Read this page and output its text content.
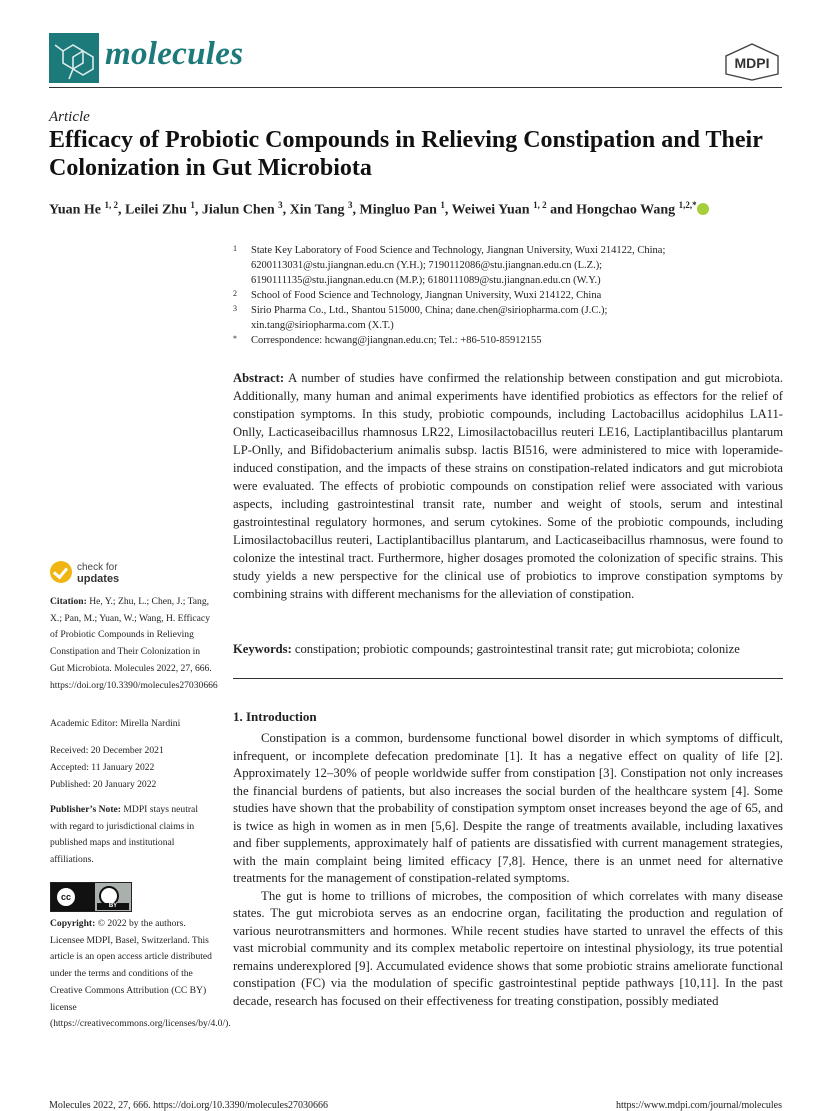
molecules	MDPI
Article
Efficacy of Probiotic Compounds in Relieving Constipation and Their Colonization in Gut Microbiota
Yuan He $^{1, 2}$, Leilei Zhu $^1$, Jialun Chen $^3$, Xin Tang $^3$, Mingluo Pan $^1$, Weiwei Yuan $^{1, 2}$ and Hongchao Wang $^{1,2,*}$
1 State Key Laboratory of Food Science and Technology, Jiangnan University, Wuxi 214122, China;
6200113031@stu.jiangnan.edu.cn (Y.H.); 7190112086@stu.jiangnan.edu.cn (L.Z.);
6190111135@stu.jiangnan.edu.cn (M.P.); 6180111089@stu.jiangnan.edu.cn (W.Y.)
2 School of Food Science and Technology, Jiangnan University, Wuxi 214122, China
3 Sirio Pharma Co., Ltd., Shantou 515000, China; dane.chen@siriopharma.com (J.C.);
xin.tang@siriopharma.com (X.T.)
* Correspondence: hcwang@jiangnan.edu.cn; Tel.: +86-510-85912155
Abstract: A number of studies have confirmed the relationship between constipation and gut microbiota. Additionally, many human and animal experiments have identified probiotics as effectors for the relief of constipation symptoms. In this study, probiotic compounds, including Lactobacillus acidophilus LA11-Onlly, Lacticaseibacillus rhamnosus LR22, Limosilactobacillus reuteri LE16, Lactiplantibacillus plantarum LP-Onlly, and Bifidobacterium animalis subsp. lactis BI516, were administered to mice with loperamide-induced constipation, and the impacts of these strains on constipation-related indicators and gut microbiota were evaluated. The effects of probiotic compounds on constipation relief were associated with various aspects, including gastrointestinal transit rate, number and weight of stools, serum and intestinal gastrointestinal regulatory hormones, and serum cytokines. Some of the probiotic compounds, including Limosilactobacillus reuteri, Lactiplantibacillus plantarum, and Lacticaseibacillus rhamnosus, were found to colonize the intestinal tract. Furthermore, higher dosages promoted the colonization of specific strains. This study yields a new perspective for the clinical use of probiotics to improve constipation symptoms by combining strains with different mechanisms for the alleviation of constipation.
Keywords: constipation; probiotic compounds; gastrointestinal transit rate; gut microbiota; colonize
1. Introduction

Constipation is a common, burdensome functional bowel disorder in which symptoms of difficult, infrequent, or incomplete defecation predominate [1]. It has a negative effect on quality of life [2]. Approximately 12–30% of people worldwide suffer from constipation [3]. Constipation not only increases the financial burdens of patients, but also increases the social burden of the healthcare system [4]. Some studies have shown that the probability of constipation symptom onset increases beyond the age of 65, and is twice as high in women as in men [5,6]. Despite the range of treatments available, including laxatives and fiber supplements, approximately half of patients are dissatisfied with current management strategies, with the main complaint being limited efficacy [7,8]. Hence, there is an unmet need for alternative treatments for the management of constipation-related symptoms.

The gut is home to trillions of microbes, the composition of which correlates with many disease states. The gut microbiota serves as an endocrine organ, facilitating the production and regulation of various neurotransmitters and hormones. While recent studies have started to unravel the effects of this vast microbial community and its complex metabolic repertoire on intestinal physiology, its true potential remains underexplored [9]. Accumulated evidence shows that some probiotic strains ameliorate functional constipation (FC) via the modulation of specific gastrointestinal peptide pathways [10,11]. In the past decade, research has focused on their effectiveness for treating constipation, possibly mediated

check for
updates
Citation: He, Y.; Zhu, L.; Chen, J.; Tang, X.; Pan, M.; Yuan, W.; Wang, H. Efficacy of Probiotic Compounds in Relieving Constipation and Their Colonization in Gut Microbiota. Molecules 2022, 27, 666. https://doi.org/10.3390/molecules27030666
Academic Editor: Mirella Nardini
Received: 20 December 2021
Accepted: 11 January 2022
Published: 20 January 2022
Publisher’s Note: MDPI stays neutral with regard to jurisdictional claims in published maps and institutional affiliations.
cc
BY
Copyright: © 2022 by the authors. Licensee MDPI, Basel, Switzerland. This article is an open access article distributed under the terms and conditions of the Creative Commons Attribution (CC BY) license (https://creativecommons.org/licenses/by/4.0/).
Molecules 2022, 27, 666. https://doi.org/10.3390/molecules27030666	https://www.mdpi.com/journal/molecules
